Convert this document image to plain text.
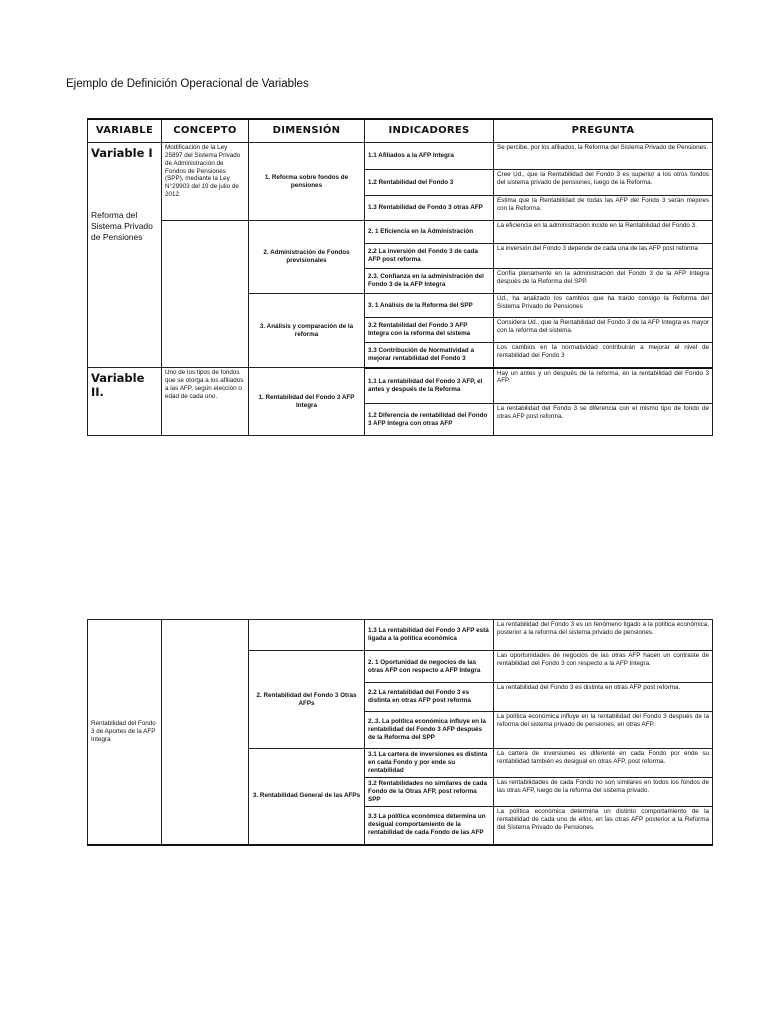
Ejemplo de Definición Operacional de Variables
VARIABLE	CONCEPTO	DIMENSIÓN	INDICADORES	PREGUNTA

Variable I
Reforma del Sistema Privado de Pensiones	Modificación de la Ley 25897 del Sistema Privado de Administración de Fondos de Pensiones (SPP), mediante la Ley N°29903 del 19 de julio de 2012.	1. Reforma sobre fondos de pensiones	1.1 Afiliados a la AFP Integra	Se percibe, por los afiliados, la Reforma del Sistema Privado de Pensiones.
			1.2 Rentabilidad del Fondo 3	Cree Ud., que la Rentabilidad del Fondo 3 es superior a los otros fondos del sistema privado de pensiones, luego de la Reforma.
			1.3 Rentabilidad de Fondo 3 otras AFP	Estima que la Rentabilidad de todas las AFP del Fondo 3 serán mejores con la Reforma.
		2. Administración de Fondos previsionales	2. 1 Eficiencia en la Administración	La eficiencia en la administración incide en la Rentabilidad del Fondo 3.
			2.2 La inversión del Fondo 3 de cada AFP post reforma	La inversión del Fondo 3 depende de cada una de las AFP post reforma
			2.3. Confianza en la administración del Fondo 3 de la AFP Integra	Confía plenamente en la administración del Fondo 3 de la AFP Integra después de la Reforma del SPP.
		3. Análisis y comparación de la reforma	3. 1 Análisis de la Reforma del SPP	Ud., ha analizado los cambios que ha traído consigo la Reforma del Sistema Privado de Pensiones
			3.2 Rentabilidad del Fondo 3 AFP Integra con la reforma del sistema	Considera Ud., que la Rentabilidad del Fondo 3 de la AFP Integra es mayor con la reforma del sistema.
			3.3 Contribución de Normatividad a mejorar rentabilidad del Fondo 3	Los cambios en la normatividad contribuirán a mejorar el nivel de rentabilidad del Fondo 3

Variable II.	Uno de los tipos de fondos que se otorga a los afiliados a las AFP, según elección o edad de cada uno.	1. Rentabilidad del Fondo 3 AFP Integra	1.1 La rentabilidad del Fondo 3 AFP, el antes y después de la Reforma	Hay un antes y un después de la reforma, en la rentabilidad del Fondo 3 AFP.
			1.2 Diferencia de rentabilidad del Fondo 3 AFP Integra con otras AFP	La rentabilidad del Fondo 3 se diferencia con el mismo tipo de fondo de otras AFP post reforma.
Rentabilidad del Fondo 3 de Aportes de la AFP Integra			1.3 La rentabilidad del Fondo 3 AFP está ligada a la política económica	La rentabilidad del Fondo 3 es un fenómeno ligado a la política económica, posterior a la reforma del sistema privado de pensiones.
		2. Rentabilidad del Fondo 3 Otras AFPs	2. 1 Oportunidad de negocios de las otras AFP con respecto a AFP Integra	Las oportunidades de negocios de las otras AFP hacen un contraste de rentabilidad del Fondo 3 con respecto a la AFP Integra.
			2.2 La rentabilidad del Fondo 3 es distinta en otras AFP post reforma	La rentabilidad del Fondo 3 es distinta en otras AFP post reforma.
			2..3. La política económica influye en la rentabilidad del Fondo 3 AFP después de la Reforma del SPP	La política económica influye en la rentabilidad del Fondo 3 después de la reforma del sistema privado de pensiones, en otras AFP.
		3. Rentabilidad General de las AFPs	3.1 La cartera de inversiones es distinta en cada Fondo y por ende su rentabilidad	La cartera de inversiones es diferente en cada Fondo por ende su rentabilidad también es desigual en otras AFP, post reforma.
			3.2 Rentabilidades no similares de cada Fondo de la Otras AFP, post reforma SPP	Las rentabilidades de cada Fondo no son similares en todos los fondos de las otras AFP, luego de la reforma del sistema privado.
			3.3 La política económica determina un desigual comportamiento de la rentabilidad de cada Fondo de las AFP	La política económica determina un distinto comportamiento de la rentabilidad de cada uno de ellos, en las otras AFP posterior a la Reforma del Sistema Privado de Pensiones.
